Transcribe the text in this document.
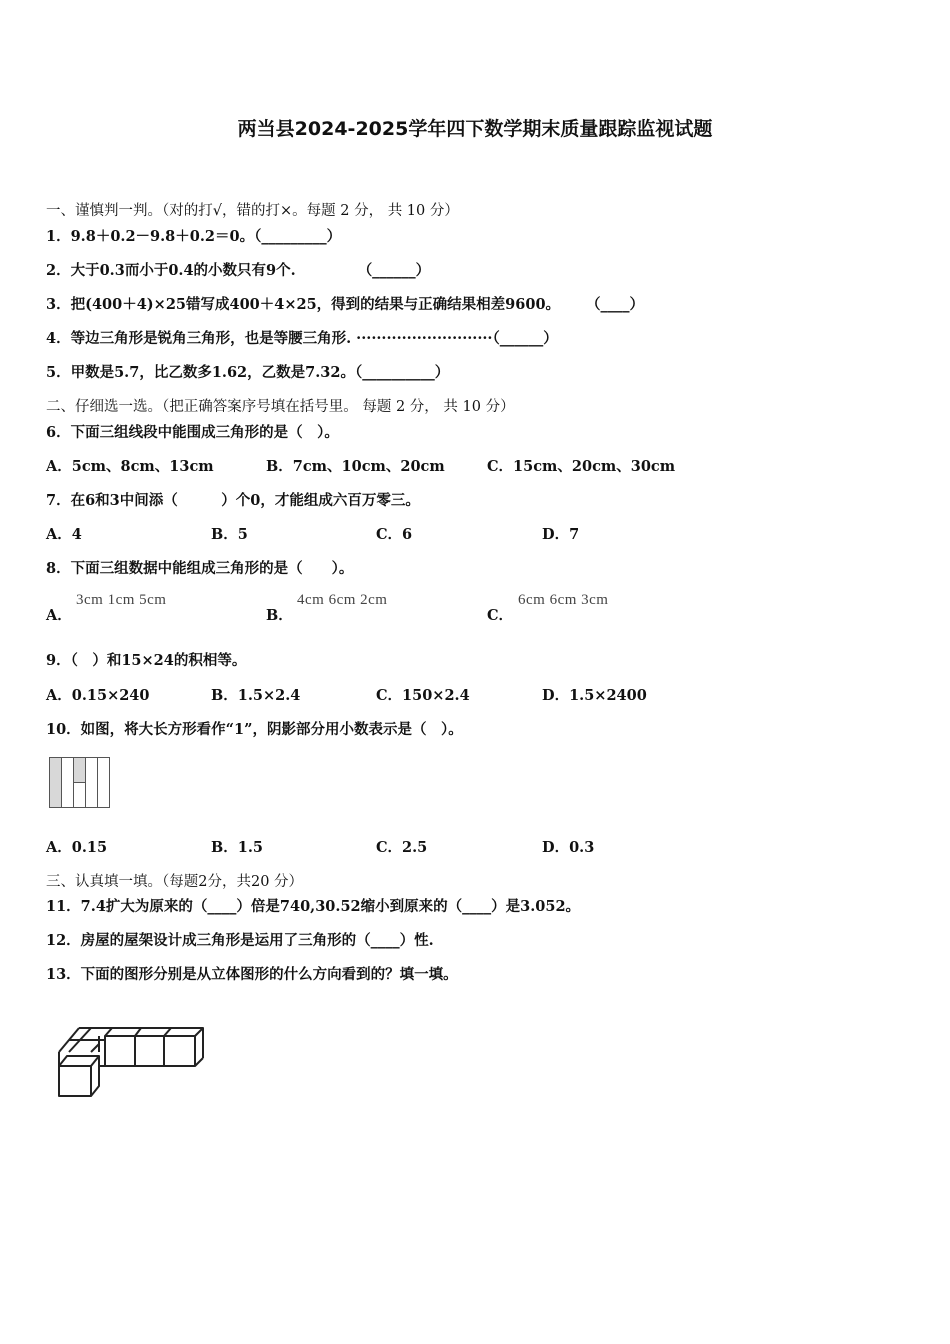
两当县2024-2025学年四下数学期末质量跟踪监视试题
一、谨慎判一判。（对的打√，错的打×。每题 2 分， 共 10 分）
1．9.8＋0.2－9.8＋0.2＝0。（_________）
2．大于0.3而小于0.4的小数只有9个.	（______）
3．把(400＋4)×25错写成400＋4×25，得到的结果与正确结果相差9600。 （____）
4．等边三角形是锐角三角形，也是等腰三角形. ···························（______）
5．甲数是5.7，比乙数多1.62，乙数是7.32。（__________）
二、仔细选一选。（把正确答案序号填在括号里。 每题 2 分， 共 10 分）
6．下面三组线段中能围成三角形的是（　）。
A．5cm、8cm、13cm	B．7cm、10cm、20cm	C．15cm、20cm、30cm
7．在6和3中间添（　　　）个0，才能组成六百万零三。
A．4	B．5	C．6	D．7
8．下面三组数据中能组成三角形的是（　　）。
A．
3cm 1cm 5cm
B．
4cm 6cm 2cm
C．
6cm 6cm 3cm
9．（　）和15×24的积相等。
A．0.15×240	B．1.5×2.4	C．150×2.4	D．1.5×2400
10．如图，将大长方形看作“1”，阴影部分用小数表示是（　）。
A．0.15	B．1.5	C．2.5	D．0.3
三、认真填一填。（每题2分，共20 分）
11．7.4扩大为原来的（____）倍是740,30.52缩小到原来的（____）是3.052。
12．房屋的屋架设计成三角形是运用了三角形的（____）性.
13．下面的图形分别是从立体图形的什么方向看到的？填一填。
